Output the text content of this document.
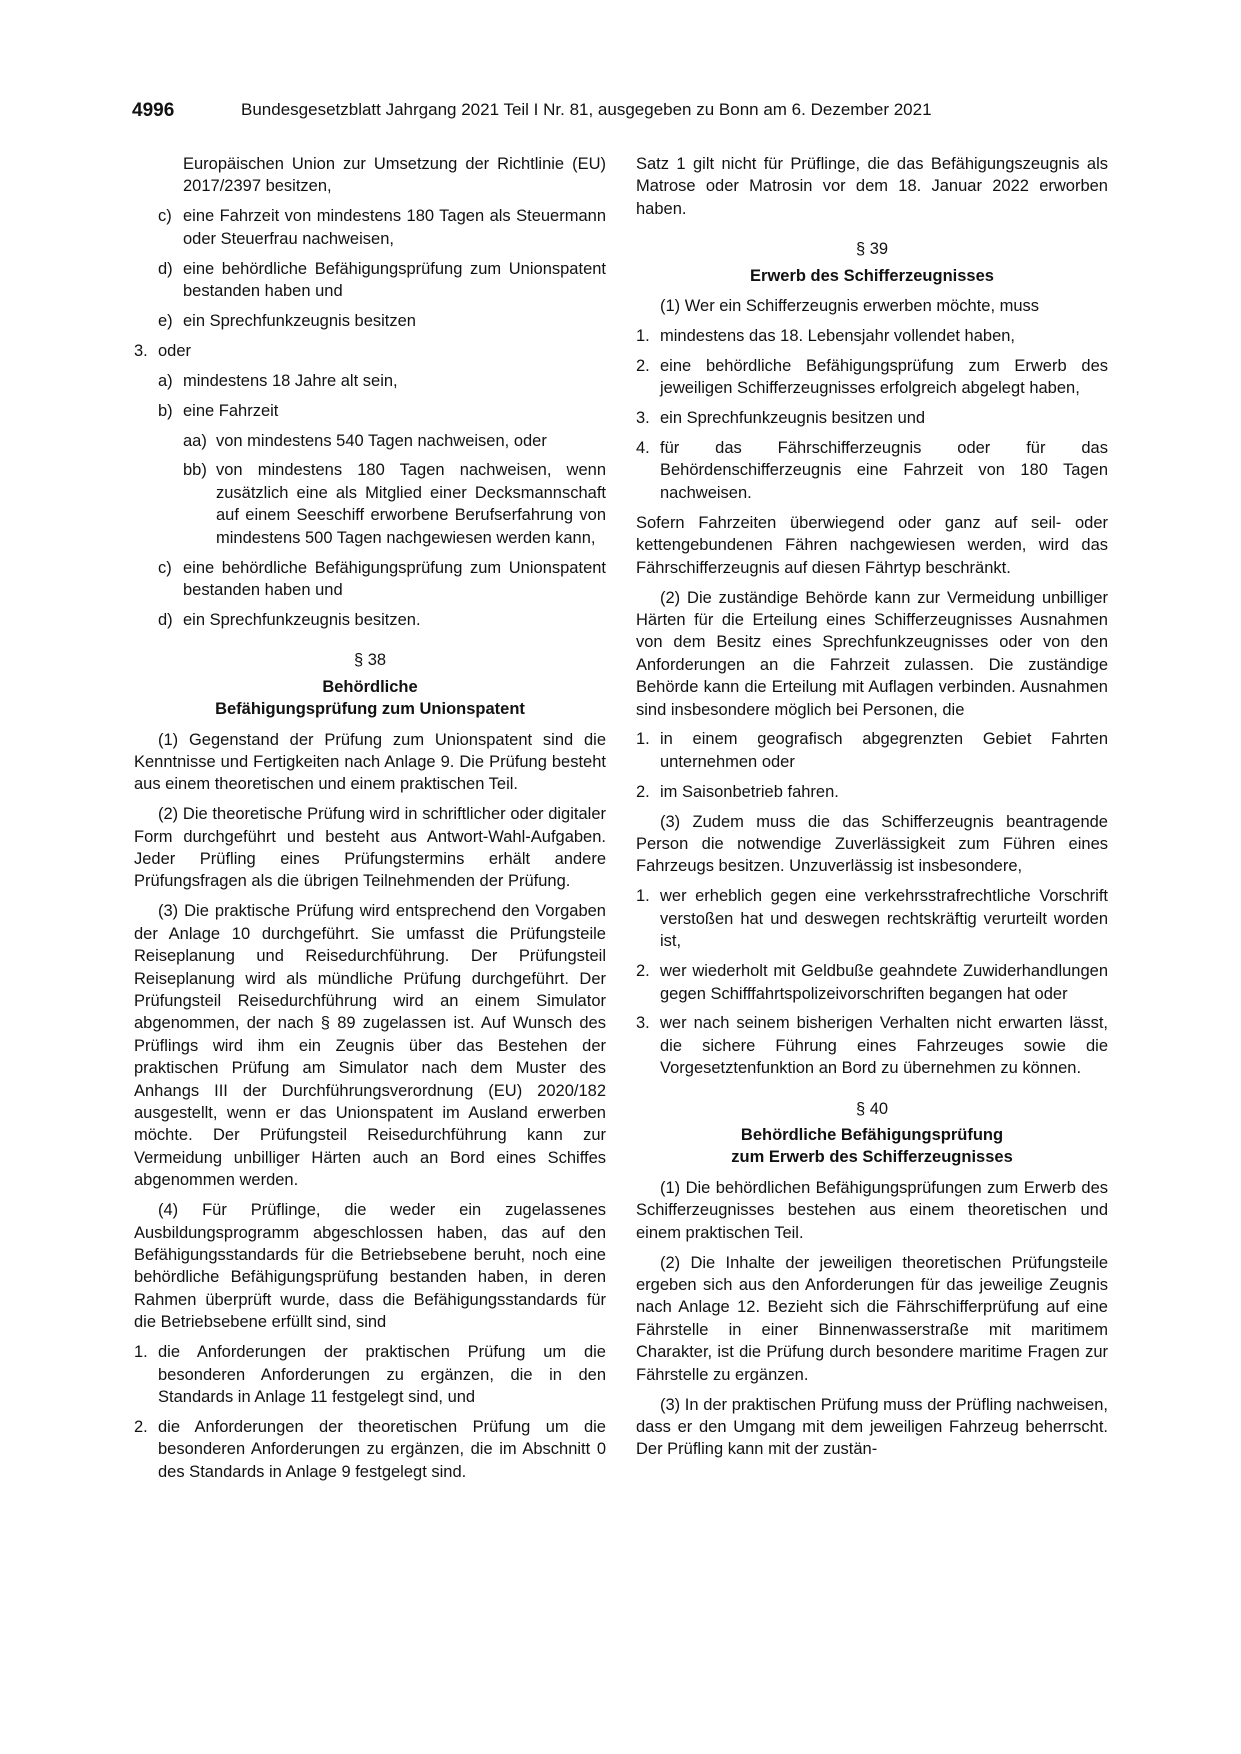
4996	Bundesgesetzblatt Jahrgang 2021 Teil I Nr. 81, ausgegeben zu Bonn am 6. Dezember 2021

Europäischen Union zur Umsetzung der Richtlinie (EU) 2017/2397 besitzen,

c) eine Fahrzeit von mindestens 180 Tagen als Steuermann oder Steuerfrau nachweisen,
d) eine behördliche Befähigungsprüfung zum Unionspatent bestanden haben und
e) ein Sprechfunkzeugnis besitzen
3. oder
a) mindestens 18 Jahre alt sein,
b) eine Fahrzeit
aa) von mindestens 540 Tagen nachweisen, oder
bb) von mindestens 180 Tagen nachweisen, wenn zusätzlich eine als Mitglied einer Decksmannschaft auf einem Seeschiff erworbene Berufserfahrung von mindestens 500 Tagen nachgewiesen werden kann,
c) eine behördliche Befähigungsprüfung zum Unionspatent bestanden haben und
d) ein Sprechfunkzeugnis besitzen.
§ 38
Behördliche
Befähigungsprüfung zum Unionspatent

(1) Gegenstand der Prüfung zum Unionspatent sind die Kenntnisse und Fertigkeiten nach Anlage 9. Die Prüfung besteht aus einem theoretischen und einem praktischen Teil.

(2) Die theoretische Prüfung wird in schriftlicher oder digitaler Form durchgeführt und besteht aus Antwort-Wahl-Aufgaben. Jeder Prüfling eines Prüfungstermins erhält andere Prüfungsfragen als die übrigen Teilnehmenden der Prüfung.

(3) Die praktische Prüfung wird entsprechend den Vorgaben der Anlage 10 durchgeführt. Sie umfasst die Prüfungsteile Reiseplanung und Reisedurchführung. Der Prüfungsteil Reiseplanung wird als mündliche Prüfung durchgeführt. Der Prüfungsteil Reisedurchführung wird an einem Simulator abgenommen, der nach § 89 zugelassen ist. Auf Wunsch des Prüflings wird ihm ein Zeugnis über das Bestehen der praktischen Prüfung am Simulator nach dem Muster des Anhangs III der Durchführungsverordnung (EU) 2020/182 ausgestellt, wenn er das Unionspatent im Ausland erwerben möchte. Der Prüfungsteil Reisedurchführung kann zur Vermeidung unbilliger Härten auch an Bord eines Schiffes abgenommen werden.

(4) Für Prüflinge, die weder ein zugelassenes Ausbildungsprogramm abgeschlossen haben, das auf den Befähigungsstandards für die Betriebsebene beruht, noch eine behördliche Befähigungsprüfung bestanden haben, in deren Rahmen überprüft wurde, dass die Befähigungsstandards für die Betriebsebene erfüllt sind, sind

1. die Anforderungen der praktischen Prüfung um die besonderen Anforderungen zu ergänzen, die in den Standards in Anlage 11 festgelegt sind, und
2. die Anforderungen der theoretischen Prüfung um die besonderen Anforderungen zu ergänzen, die im Abschnitt 0 des Standards in Anlage 9 festgelegt sind.

Satz 1 gilt nicht für Prüflinge, die das Befähigungszeugnis als Matrose oder Matrosin vor dem 18. Januar 2022 erworben haben.

§ 39
Erwerb des Schifferzeugnisses

(1) Wer ein Schifferzeugnis erwerben möchte, muss

1. mindestens das 18. Lebensjahr vollendet haben,
2. eine behördliche Befähigungsprüfung zum Erwerb des jeweiligen Schifferzeugnisses erfolgreich abgelegt haben,
3. ein Sprechfunkzeugnis besitzen und
4. für das Fährschifferzeugnis oder für das Behördenschifferzeugnis eine Fahrzeit von 180 Tagen nachweisen.

Sofern Fahrzeiten überwiegend oder ganz auf seil- oder kettengebundenen Fähren nachgewiesen werden, wird das Fährschifferzeugnis auf diesen Fährtyp beschränkt.

(2) Die zuständige Behörde kann zur Vermeidung unbilliger Härten für die Erteilung eines Schifferzeugnisses Ausnahmen von dem Besitz eines Sprechfunkzeugnisses oder von den Anforderungen an die Fahrzeit zulassen. Die zuständige Behörde kann die Erteilung mit Auflagen verbinden. Ausnahmen sind insbesondere möglich bei Personen, die

1. in einem geografisch abgegrenzten Gebiet Fahrten unternehmen oder
2. im Saisonbetrieb fahren.

(3) Zudem muss die das Schifferzeugnis beantragende Person die notwendige Zuverlässigkeit zum Führen eines Fahrzeugs besitzen. Unzuverlässig ist insbesondere,

1. wer erheblich gegen eine verkehrsstrafrechtliche Vorschrift verstoßen hat und deswegen rechtskräftig verurteilt worden ist,
2. wer wiederholt mit Geldbuße geahndete Zuwiderhandlungen gegen Schifffahrtspolizeivorschriften begangen hat oder
3. wer nach seinem bisherigen Verhalten nicht erwarten lässt, die sichere Führung eines Fahrzeuges sowie die Vorgesetztenfunktion an Bord zu übernehmen zu können.
§ 40
Behördliche Befähigungsprüfung
zum Erwerb des Schifferzeugnisses

(1) Die behördlichen Befähigungsprüfungen zum Erwerb des Schifferzeugnisses bestehen aus einem theoretischen und einem praktischen Teil.

(2) Die Inhalte der jeweiligen theoretischen Prüfungsteile ergeben sich aus den Anforderungen für das jeweilige Zeugnis nach Anlage 12. Bezieht sich die Fährschifferprüfung auf eine Fährstelle in einer Binnenwasserstraße mit maritimem Charakter, ist die Prüfung durch besondere maritime Fragen zur Fährstelle zu ergänzen.

(3) In der praktischen Prüfung muss der Prüfling nachweisen, dass er den Umgang mit dem jeweiligen Fahrzeug beherrscht. Der Prüfling kann mit der zustän-
